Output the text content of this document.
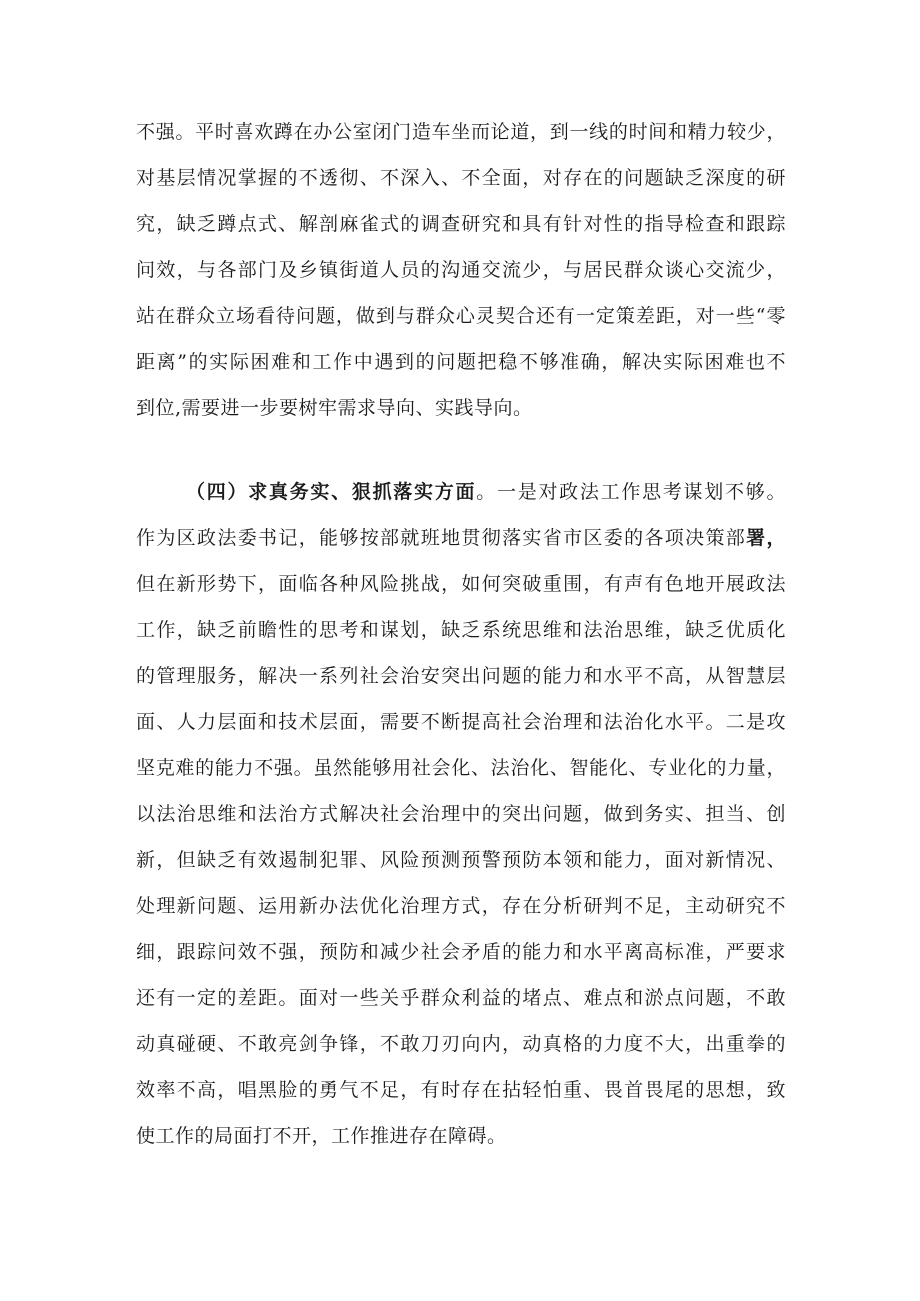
不强。平时喜欢蹲在办公室闭门造车坐而论道，到一线的时间和精力较少，
对基层情况掌握的不透彻、不深入、不全面，对存在的问题缺乏深度的研
究，缺乏蹲点式、解剖麻雀式的调查研究和具有针对性的指导检查和跟踪
问效，与各部门及乡镇街道人员的沟通交流少，与居民群众谈心交流少，
站在群众立场看待问题，做到与群众心灵契合还有一定策差距，对一些“零
距离”的实际困难和工作中遇到的问题把稳不够准确，解决实际困难也不
到位,需要进一步要树牢需求导向、实践导向。
（四）求真务实、狠抓落实方面。一是对政法工作思考谋划不够。
作为区政法委书记，能够按部就班地贯彻落实省市区委的各项决策部署，
但在新形势下，面临各种风险挑战，如何突破重围，有声有色地开展政法
工作，缺乏前瞻性的思考和谋划，缺乏系统思维和法治思维，缺乏优质化
的管理服务，解决一系列社会治安突出问题的能力和水平不高，从智慧层
面、人力层面和技术层面，需要不断提高社会治理和法治化水平。二是攻
坚克难的能力不强。虽然能够用社会化、法治化、智能化、专业化的力量，
以法治思维和法治方式解决社会治理中的突出问题，做到务实、担当、创
新，但缺乏有效遏制犯罪、风险预测预警预防本领和能力，面对新情况、
处理新问题、运用新办法优化治理方式，存在分析研判不足，主动研究不
细，跟踪问效不强，预防和减少社会矛盾的能力和水平离高标准，严要求
还有一定的差距。面对一些关乎群众利益的堵点、难点和淤点问题，不敢
动真碰硬、不敢亮剑争锋，不敢刀刃向内，动真格的力度不大，出重拳的
效率不高，唱黑脸的勇气不足，有时存在拈轻怕重、畏首畏尾的思想，致
使工作的局面打不开，工作推进存在障碍。
